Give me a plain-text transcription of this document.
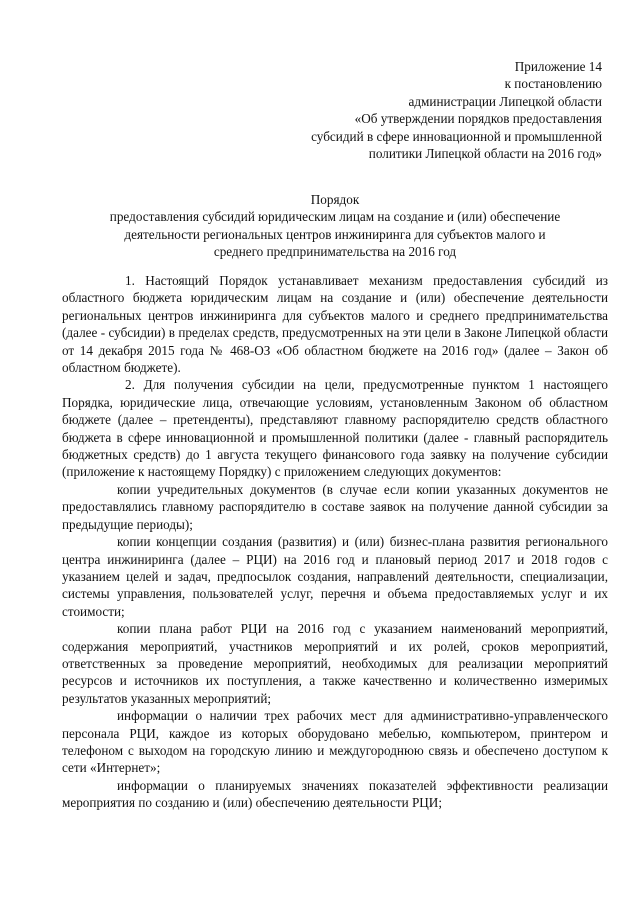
Приложение 14
к постановлению
администрации Липецкой области
«Об утверждении порядков предоставления
субсидий в сфере инновационной и промышленной
политики Липецкой области на 2016 год»
Порядок
предоставления субсидий юридическим лицам на создание и (или) обеспечение
деятельности региональных центров инжиниринга для субъектов малого и
среднего предпринимательства на 2016 год

1. Настоящий Порядок устанавливает механизм предоставления субсидий из областного бюджета юридическим лицам на создание и (или) обеспечение деятельности региональных центров инжиниринга для субъектов малого и среднего предпринимательства (далее - субсидии) в пределах средств, предусмотренных на эти цели в Законе Липецкой области от 14 декабря 2015 года № 468-ОЗ «Об областном бюджете на 2016 год» (далее – Закон об областном бюджете).

2. Для получения субсидии на цели, предусмотренные пунктом 1 настоящего Порядка, юридические лица, отвечающие условиям, установленным Законом об областном бюджете (далее – претенденты), представляют главному распорядителю средств областного бюджета в сфере инновационной и промышленной политики (далее - главный распорядитель бюджетных средств) до 1 августа текущего финансового года заявку на получение субсидии (приложение к настоящему Порядку) с приложением следующих документов:

копии учредительных документов (в случае если копии указанных документов не предоставлялись главному распорядителю в составе заявок на получение данной субсидии за предыдущие периоды);

копии концепции создания (развития) и (или) бизнес-плана развития регионального центра инжиниринга (далее – РЦИ) на 2016 год и плановый период 2017 и 2018 годов с указанием целей и задач, предпосылок создания, направлений деятельности, специализации, системы управления, пользователей услуг, перечня и объема предоставляемых услуг и их стоимости;

копии плана работ РЦИ на 2016 год с указанием наименований мероприятий, содержания мероприятий, участников мероприятий и их ролей, сроков мероприятий, ответственных за проведение мероприятий, необходимых для реализации мероприятий ресурсов и источников их поступления, а также качественно и количественно измеримых результатов указанных мероприятий;

информации о наличии трех рабочих мест для административно-управленческого персонала РЦИ, каждое из которых оборудовано мебелью, компьютером, принтером и телефоном с выходом на городскую линию и междугороднюю связь и обеспечено доступом к сети «Интернет»;

информации о планируемых значениях показателей эффективности реализации мероприятия по созданию и (или) обеспечению деятельности РЦИ;
